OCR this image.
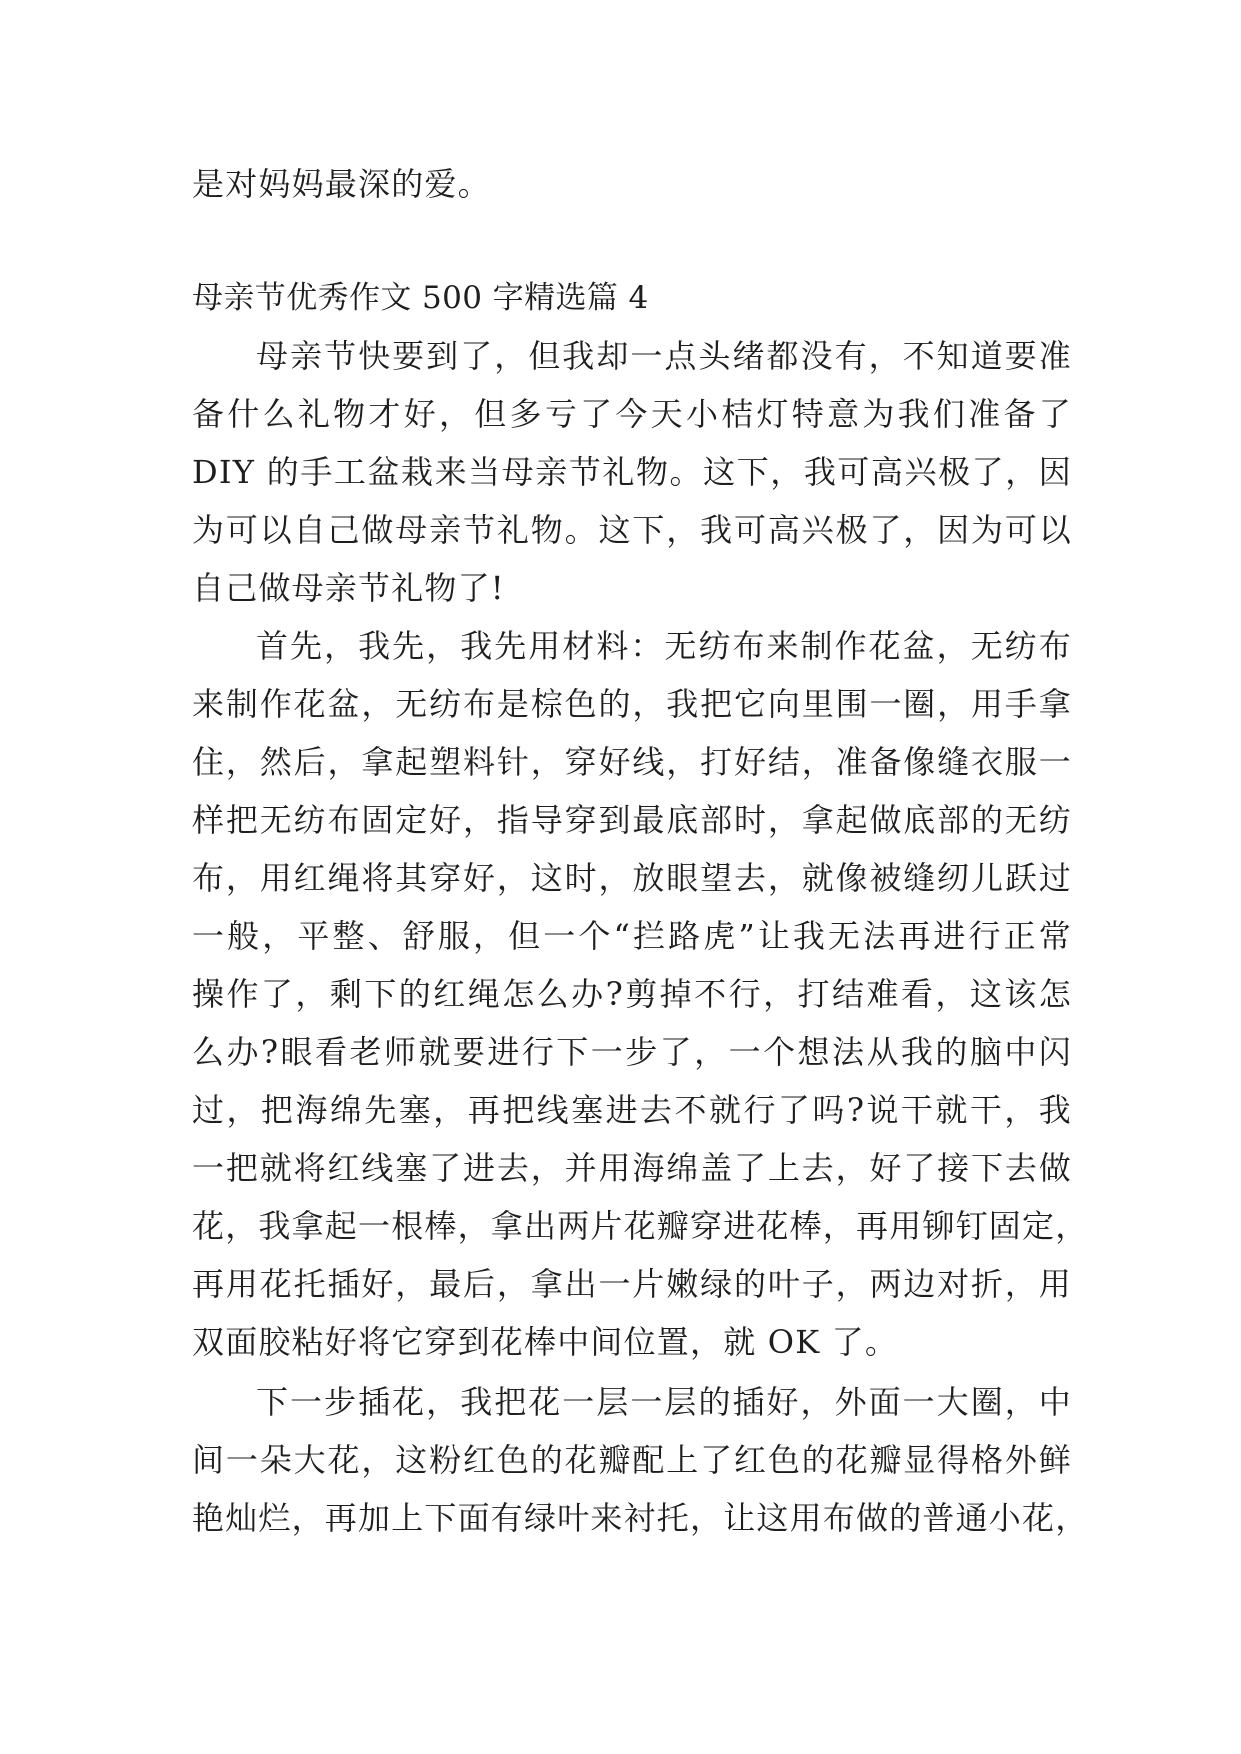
是对妈妈最深的爱。
母亲节优秀作文 500 字精选篇 4
母亲节快要到了，但我却一点头绪都没有，不知道要准
备什么礼物才好，但多亏了今天小桔灯特意为我们准备了
DIY 的手工盆栽来当母亲节礼物。这下，我可高兴极了，因
为可以自己做母亲节礼物。这下，我可高兴极了，因为可以
自己做母亲节礼物了!
首先，我先，我先用材料：无纺布来制作花盆，无纺布
来制作花盆，无纺布是棕色的，我把它向里围一圈，用手拿
住，然后，拿起塑料针，穿好线，打好结，准备像缝衣服一
样把无纺布固定好，指导穿到最底部时，拿起做底部的无纺
布，用红绳将其穿好，这时，放眼望去，就像被缝纫儿跃过
一般，平整、舒服，但一个“拦路虎”让我无法再进行正常
操作了，剩下的红绳怎么办?剪掉不行，打结难看，这该怎
么办?眼看老师就要进行下一步了，一个想法从我的脑中闪
过，把海绵先塞，再把线塞进去不就行了吗?说干就干，我
一把就将红线塞了进去，并用海绵盖了上去，好了接下去做
花，我拿起一根棒，拿出两片花瓣穿进花棒，再用铆钉固定，
再用花托插好，最后，拿出一片嫩绿的叶子，两边对折，用
双面胶粘好将它穿到花棒中间位置，就 OK 了。
下一步插花，我把花一层一层的插好，外面一大圈，中
间一朵大花，这粉红色的花瓣配上了红色的花瓣显得格外鲜
艳灿烂，再加上下面有绿叶来衬托，让这用布做的普通小花，
